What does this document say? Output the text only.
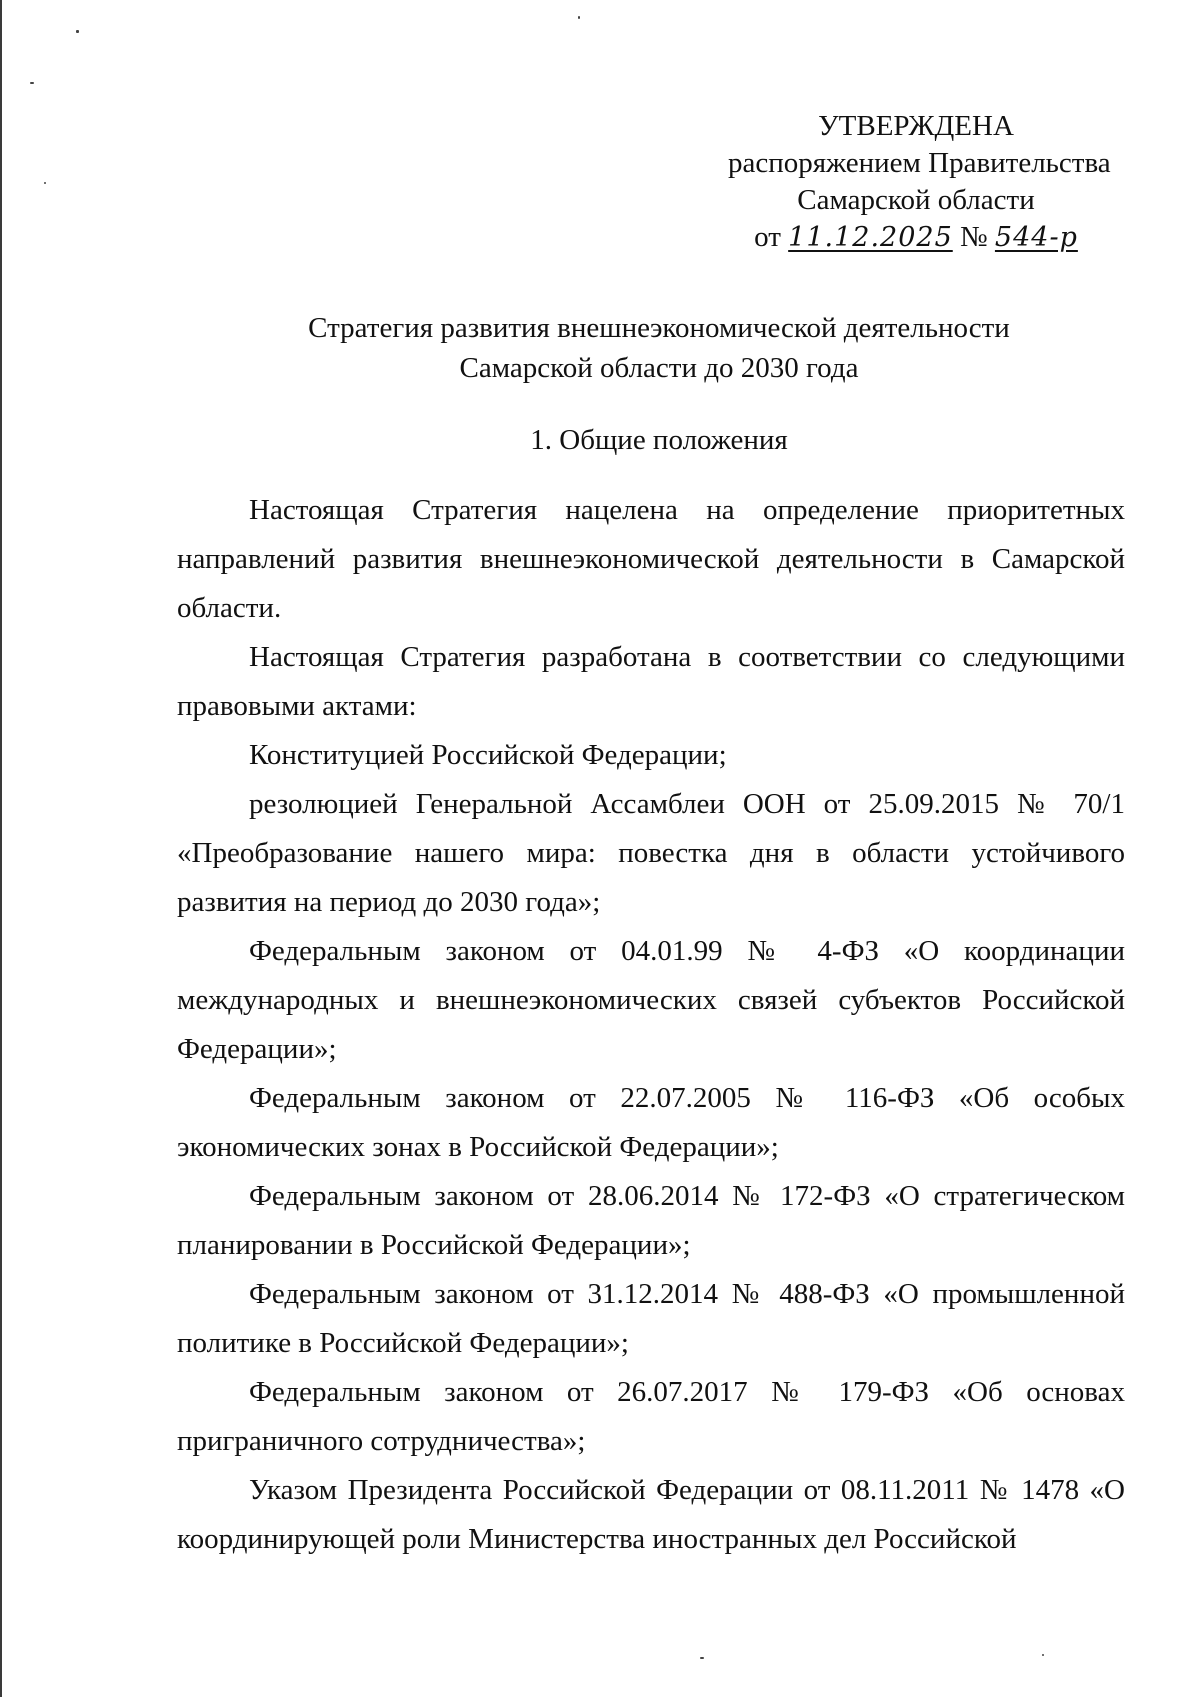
УТВЕРЖДЕНА
распоряжением Правительства
Самарской области
от 11.12.2025 № 544-р
Стратегия развития внешнеэкономической деятельности
Самарской области до 2030 года
1. Общие положения

Настоящая Стратегия нацелена на определение приоритетных направлений развития внешнеэкономической деятельности в Самарской области.

Настоящая Стратегия разработана в соответствии со следующими правовыми актами:

Конституцией Российской Федерации;

резолюцией Генеральной Ассамблеи ООН от 25.09.2015 № 70/1 «Преобразование нашего мира: повестка дня в области устойчивого развития на период до 2030 года»;

Федеральным законом от 04.01.99 № 4-ФЗ «О координации международных и внешнеэкономических связей субъектов Российской Федерации»;

Федеральным законом от 22.07.2005 № 116-ФЗ «Об особых экономических зонах в Российской Федерации»;

Федеральным законом от 28.06.2014 № 172-ФЗ «О стратегическом планировании в Российской Федерации»;

Федеральным законом от 31.12.2014 № 488-ФЗ «О промышленной политике в Российской Федерации»;

Федеральным законом от 26.07.2017 № 179-ФЗ «Об основах приграничного сотрудничества»;

Указом Президента Российской Федерации от 08.11.2011 № 1478 «О координирующей роли Министерства иностранных дел Российской
